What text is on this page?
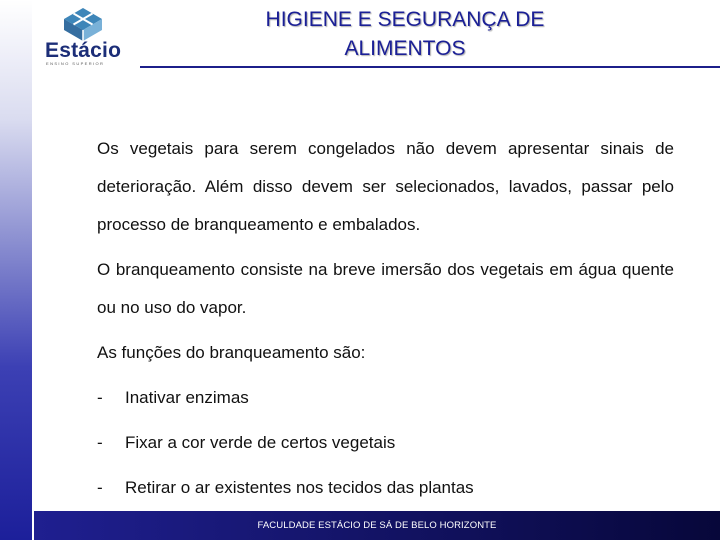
Estácio
ENSINO SUPERIOR
HIGIENE E SEGURANÇA DE
ALIMENTOS

Os vegetais para serem congelados não devem apresentar sinais de deterioração. Além disso devem ser selecionados, lavados, passar pelo processo de branqueamento e embalados.

O branqueamento consiste na breve imersão dos vegetais em água quente ou no uso do vapor.

As funções do branqueamento são:

-	Inativar enzimas
-	Fixar a cor verde de certos vegetais
-	Retirar o ar existentes nos tecidos das plantas
FACULDADE ESTÁCIO DE SÁ DE BELO HORIZONTE
